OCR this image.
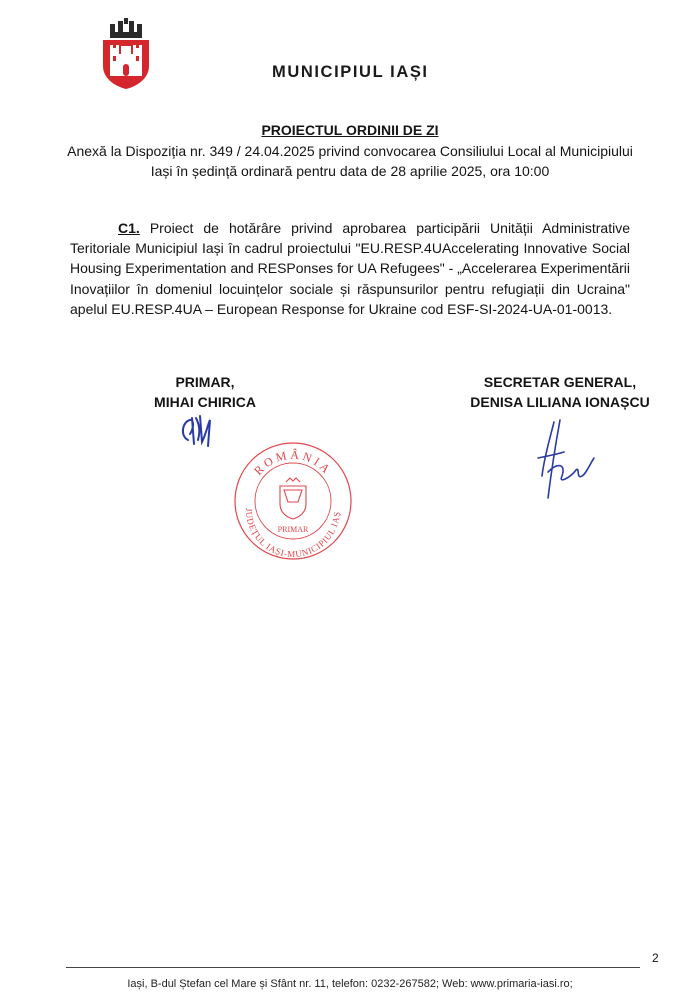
MUNICIPIUL IAȘI
PROIECTUL ORDINII DE ZI
Anexă la Dispoziția nr. 349 / 24.04.2025 privind convocarea Consiliului Local al Municipiului
Iași în ședință ordinară pentru data de 28 aprilie 2025, ora 10:00
C1. Proiect de hotărâre privind aprobarea participării Unității Administrative Teritoriale Municipiul Iași în cadrul proiectului "EU.RESP.4UAccelerating Innovative Social Housing Experimentation and RESPonses for UA Refugees" - „Accelerarea Experimentării Inovațiilor în domeniul locuințelor sociale și răspunsurilor pentru refugiații din Ucraina" apelul EU.RESP.4UA – European Response for Ukraine cod ESF-SI-2024-UA-01-0013.
PRIMAR,
MIHAI CHIRICA
SECRETAR GENERAL,
DENISA LILIANA IONAȘCU
ROMÂNIA
JUDEȚUL IAȘI-MUNICIPIUL IAȘ
PRIMAR
2
Iași, B-dul Ștefan cel Mare și Sfânt nr. 11, telefon: 0232-267582; Web: www.primaria-iasi.ro;
